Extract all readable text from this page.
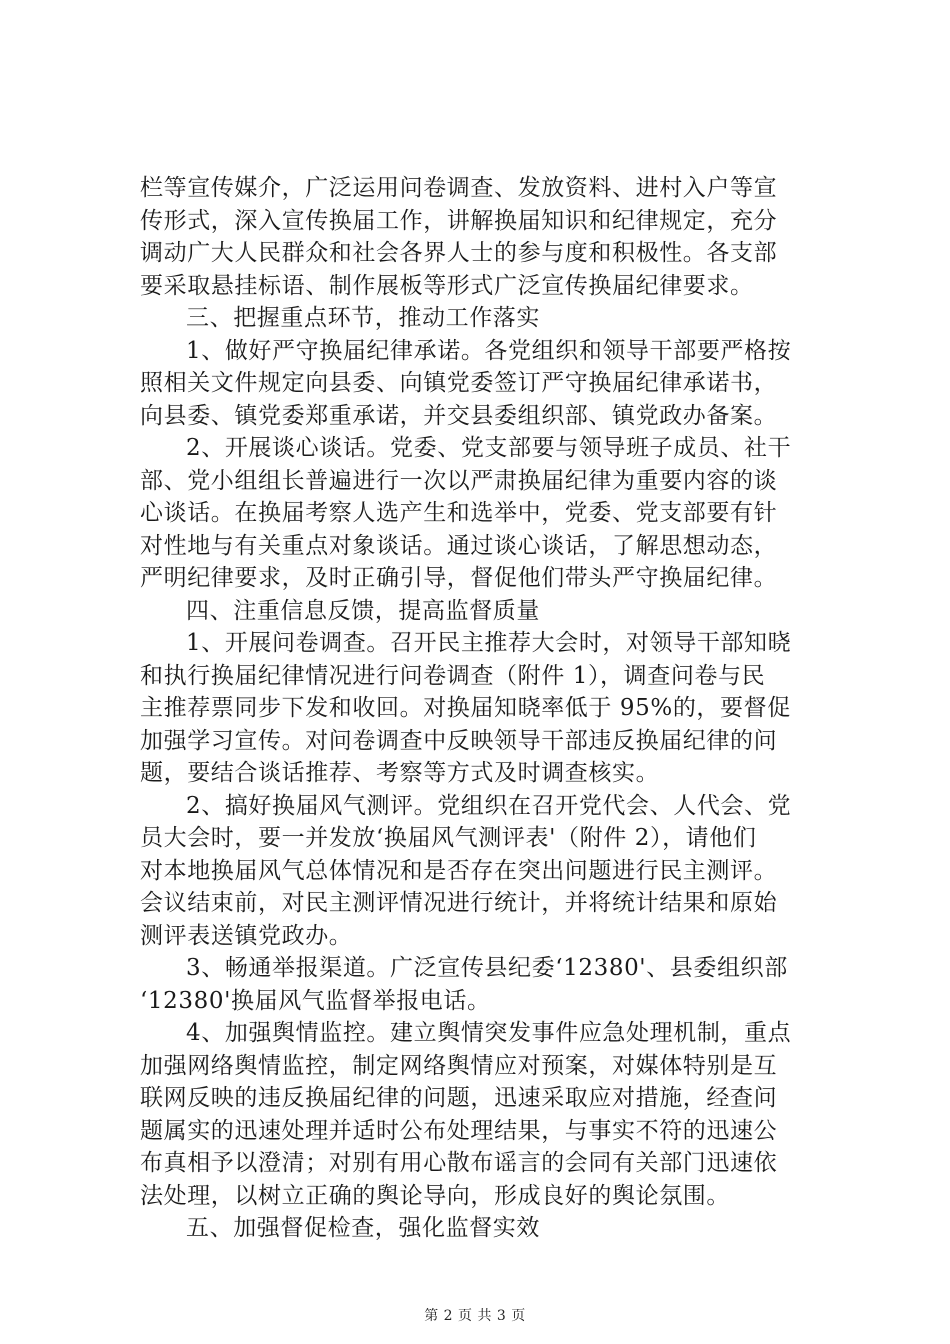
栏等宣传媒介，广泛运用问卷调查、发放资料、进村入户等宣
传形式，深入宣传换届工作，讲解换届知识和纪律规定，充分
调动广大人民群众和社会各界人士的参与度和积极性。各支部
要采取悬挂标语、制作展板等形式广泛宣传换届纪律要求。
三、把握重点环节，推动工作落实
1、做好严守换届纪律承诺。各党组织和领导干部要严格按
照相关文件规定向县委、向镇党委签订严守换届纪律承诺书，
向县委、镇党委郑重承诺，并交县委组织部、镇党政办备案。
2、开展谈心谈话。党委、党支部要与领导班子成员、社干
部、党小组组长普遍进行一次以严肃换届纪律为重要内容的谈
心谈话。在换届考察人选产生和选举中，党委、党支部要有针
对性地与有关重点对象谈话。通过谈心谈话，了解思想动态，
严明纪律要求，及时正确引导，督促他们带头严守换届纪律。
四、注重信息反馈，提高监督质量
1、开展问卷调查。召开民主推荐大会时，对领导干部知晓
和执行换届纪律情况进行问卷调查（附件 1），调查问卷与民
主推荐票同步下发和收回。对换届知晓率低于 95%的，要督促
加强学习宣传。对问卷调查中反映领导干部违反换届纪律的问
题，要结合谈话推荐、考察等方式及时调查核实。
2、搞好换届风气测评。党组织在召开党代会、人代会、党
员大会时，要一并发放‘换届风气测评表'（附件 2），请他们
对本地换届风气总体情况和是否存在突出问题进行民主测评。
会议结束前，对民主测评情况进行统计，并将统计结果和原始
测评表送镇党政办。
3、畅通举报渠道。广泛宣传县纪委‘12380'、县委组织部
‘12380'换届风气监督举报电话。
4、加强舆情监控。建立舆情突发事件应急处理机制，重点
加强网络舆情监控，制定网络舆情应对预案，对媒体特别是互
联网反映的违反换届纪律的问题，迅速采取应对措施，经查问
题属实的迅速处理并适时公布处理结果，与事实不符的迅速公
布真相予以澄清；对别有用心散布谣言的会同有关部门迅速依
法处理，以树立正确的舆论导向，形成良好的舆论氛围。
五、加强督促检查，强化监督实效
第 2 页 共 3 页
